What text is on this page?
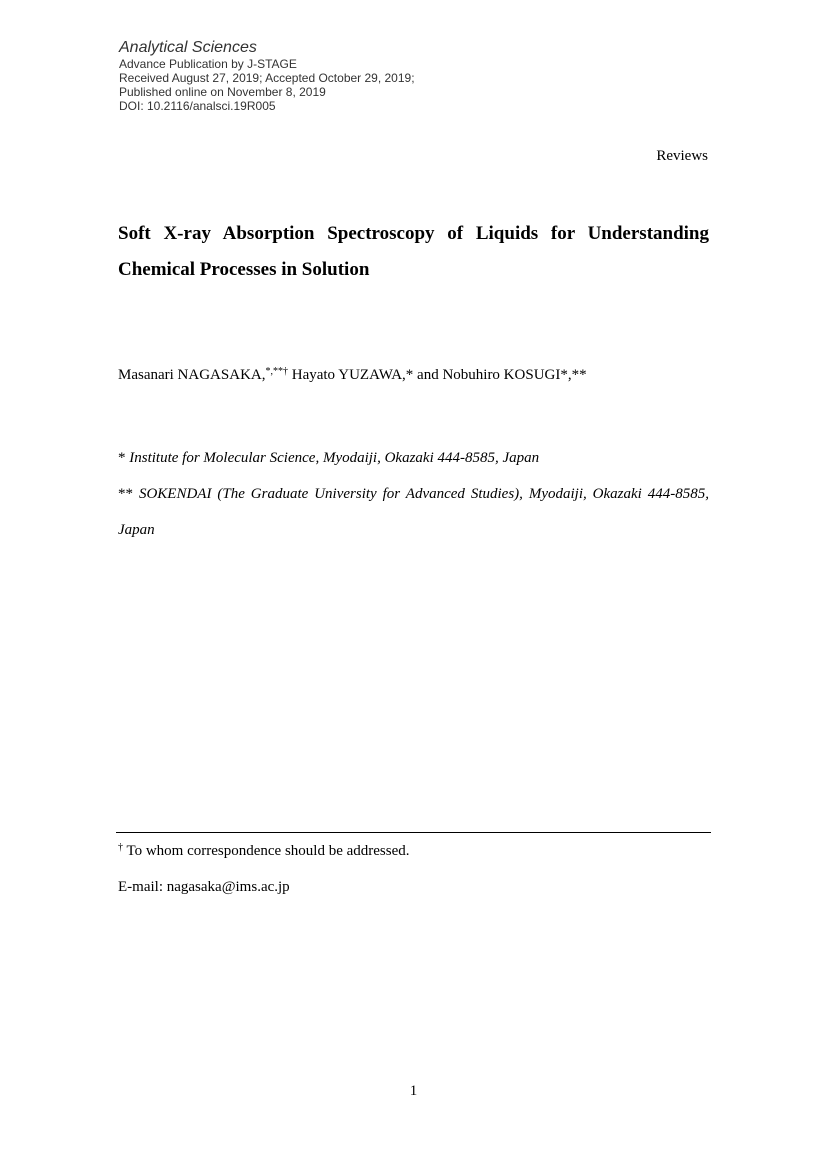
Analytical Sciences

Advance Publication by J-STAGE

Received August 27, 2019; Accepted October 29, 2019;

Published online on November 8, 2019

DOI: 10.2116/analsci.19R005

Reviews
Soft X-ray Absorption Spectroscopy of Liquids for Understanding Chemical Processes in Solution
Masanari NAGASAKA,*,**† Hayato YUZAWA,* and Nobuhiro KOSUGI*,**

* Institute for Molecular Science, Myodaiji, Okazaki 444-8585, Japan

** SOKENDAI (The Graduate University for Advanced Studies), Myodaiji, Okazaki 444-8585, Japan

† To whom correspondence should be addressed.

E-mail: nagasaka@ims.ac.jp

1
